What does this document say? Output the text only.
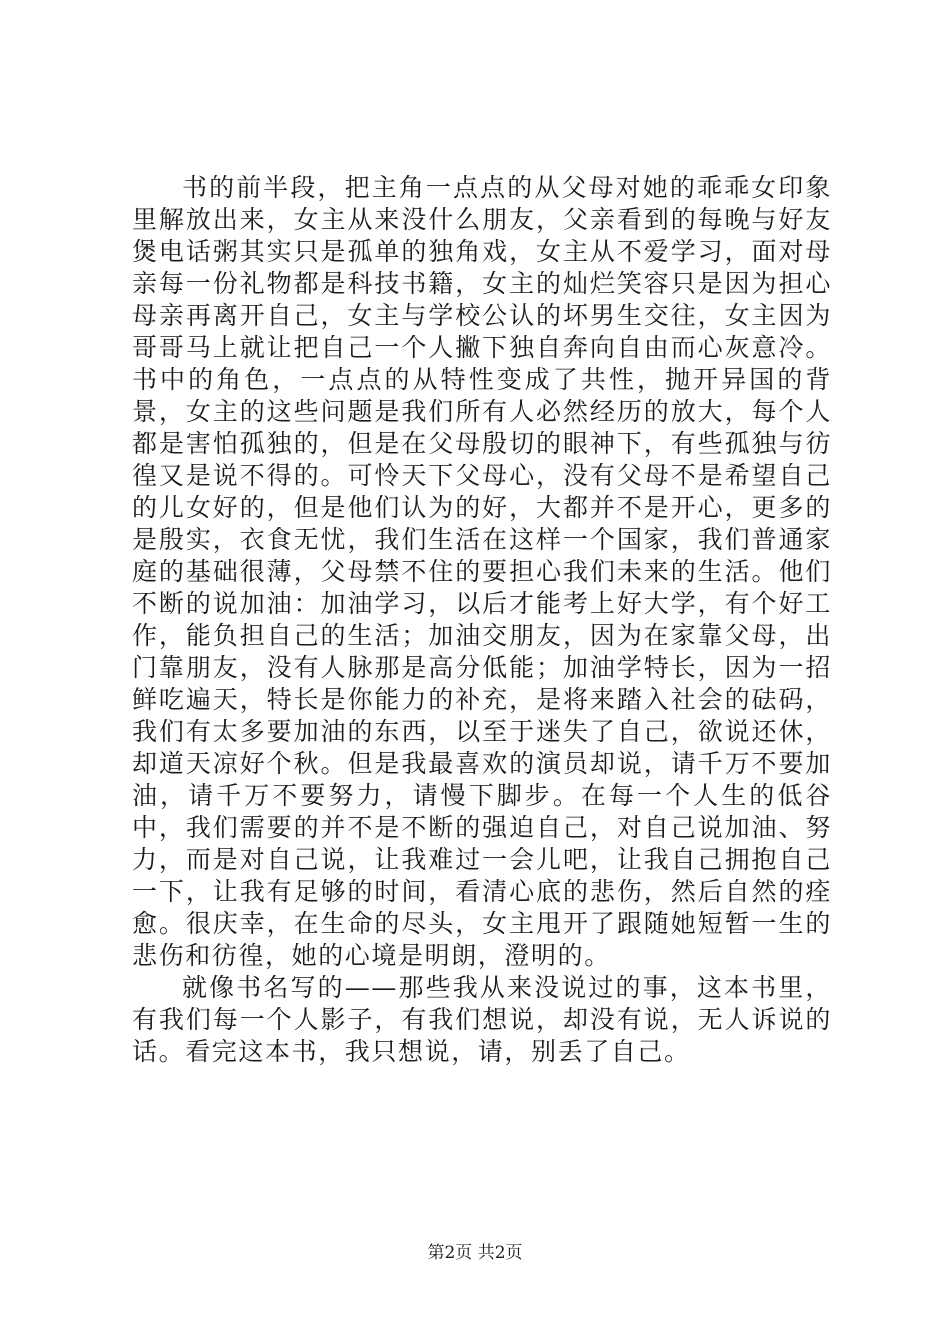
书的前半段，把主角一点点的从父母对她的乖乖女印象里解放出来，女主从来没什么朋友，父亲看到的每晚与好友煲电话粥其实只是孤单的独角戏，女主从不爱学习，面对母亲每一份礼物都是科技书籍，女主的灿烂笑容只是因为担心母亲再离开自己，女主与学校公认的坏男生交往，女主因为哥哥马上就让把自己一个人撇下独自奔向自由而心灰意冷。书中的角色，一点点的从特性变成了共性，抛开异国的背景，女主的这些问题是我们所有人必然经历的放大，每个人都是害怕孤独的，但是在父母殷切的眼神下，有些孤独与彷徨又是说不得的。可怜天下父母心，没有父母不是希望自己的儿女好的，但是他们认为的好，大都并不是开心，更多的是殷实，衣食无忧，我们生活在这样一个国家，我们普通家庭的基础很薄，父母禁不住的要担心我们未来的生活。他们不断的说加油：加油学习，以后才能考上好大学，有个好工作，能负担自己的生活；加油交朋友，因为在家靠父母，出门靠朋友，没有人脉那是高分低能；加油学特长，因为一招鲜吃遍天，特长是你能力的补充，是将来踏入社会的砝码，我们有太多要加油的东西，以至于迷失了自己，欲说还休，却道天凉好个秋。但是我最喜欢的演员却说，请千万不要加油，请千万不要努力，请慢下脚步。在每一个人生的低谷中，我们需要的并不是不断的强迫自己，对自己说加油、努力，而是对自己说，让我难过一会儿吧，让我自己拥抱自己一下，让我有足够的时间，看清心底的悲伤，然后自然的痊愈。很庆幸，在生命的尽头，女主甩开了跟随她短暂一生的悲伤和彷徨，她的心境是明朗，澄明的。

就像书名写的——那些我从来没说过的事，这本书里，有我们每一个人影子，有我们想说，却没有说，无人诉说的话。看完这本书，我只想说，请，别丢了自己。

第2页 共2页
